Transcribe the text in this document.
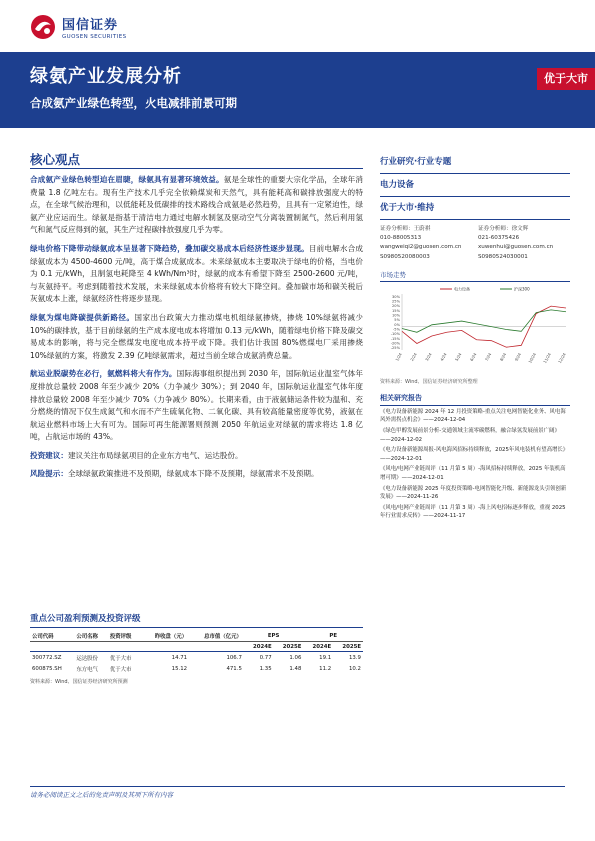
国信证券
GUOSEN SECURITIES
绿氨产业发展分析
合成氨产业绿色转型，火电减排前景可期
优于大市
核心观点

合成氨产业绿色转型迫在眉睫，绿氨具有显著环境效益。氨是全球性的重要大宗化学品，全球年消费量 1.8 亿吨左右。现有生产技术几乎完全依赖煤炭和天然气，具有能耗高和碳排放强度大的特点，在全球气候治理和，以低能耗及低碳排的技术路线合成氨是必然趋势，且具有一定紧迫性，绿氨产业应运而生。绿氨是指基于清洁电力通过电解水制氢及驱动空气分离装置制氮气，然后利用氢气和氮气反应得到的氨，其生产过程碳排放强度几乎为零。

绿电价格下降带动绿氨成本呈显著下降趋势，叠加碳交易成本后经济性逐步显现。目前电解水合成绿氨成本为 4500-4600 元/吨，高于煤合成氨成本。未来绿氨成本主要取决于绿电的价格，当电价为 0.1 元/kWh，且制氢电耗降至 4 kWh/Nm³时，绿氨的成本有希望下降至 2500-2600 元/吨，与灰氨持平。考虑到随着技术发展，未来绿氨成本价格将有较大下降空间。叠加碳市场和碳关税后灰氨成本上涨，绿氨经济性将逐步显现。

绿氨为煤电降碳提供新路径。国家出台政策大力推动煤电机组绿氨掺烧，掺烧 10%绿氨将减少 10%的碳排放，基于目前绿氨的生产成本度电成本将增加 0.13 元/kWh，随着绿电价格下降及碳交易成本的影响，将与完全燃煤发电度电成本持平或下降。我们估计我国 80%燃煤电厂采用掺烧 10%绿氨的方案，将激发 2.39 亿吨绿氨需求，超过当前全球合成氨消费总量。

航运业脱碳势在必行，氨燃料将大有作为。国际海事组织提出到 2030 年，国际航运业温室气体年度排放总量较 2008 年至少减少 20%（力争减少 30%）；到 2040 年，国际航运业温室气体年度排放总量较 2008 年至少减少 70%（力争减少 80%）。长期来看，由于液氨储运条件较为温和、充分燃烧的情况下仅生成氮气和水而不产生硫氧化物、二氧化碳、具有较高能量密度等优势，液氨在航运业燃料市场上大有可为。国际可再生能源署则预测 2050 年航运业对绿氨的需求将达 1.8 亿吨，占航运市场的 43%。

投资建议：建议关注布局绿氨项目的企业东方电气、运达股份。

风险提示：全球绿氨政策推进不及预期，绿氨成本下降不及预期，绿氨需求不及预期。

行业研究·行业专题
电力设备
优于大市·维持
证券分析师：王蔚祺
010-88005313
wangweiqi2@guosen.com.cn
S0980520080003
证券分析师：徐文辉
021-60375426
xuwenhui@guosen.com.cn
S0980524030001
市场走势
30%
25%
20%
15%
10%
5%
0%
-5%
-10%
-15%
-20%
-25%
1/24 2/24 3/24 4/24 5/24 6/24 7/24 8/24 9/24 10/24 11/24 12/24
电力设备	沪深300
资料来源：Wind、国信证券经济研究所整理
相关研究报告
《电力设备新能源 2024 年 12 月投资策略-重点关注电网智能化业务、风电海风外需拐点机会》——2024-12-04
《绿色甲醇发展前景分析-交通领域主流零碳燃料，融合绿氢发展前景广阔》——2024-12-02
《电力设备新能源周报-风电海风招标持续释放，2025年风电装机有望高增长》——2024-12-01
《风电/电网产业链周评（11 月第 5 周）-海风招标持续释放，2025 年装机高增可期》——2024-12-01
《电力设备新能源 2025 年度投资策略-电网智能化升级、新能源龙头引领创新发展》——2024-11-26
《风电/电网产业链周评（11 月第 3 周）-海上风电招标逐步释放，重视 2025 年行业需求反转》——2024-11-17
重点公司盈利预测及投资评级
公司代码	公司名称	投资评级	昨收盘（元）	总市值（亿元）	EPS		PE	
					2024E	2025E	2024E	2025E
300772.SZ	运达股份	优于大市	14.71	106.7	0.77	1.06	19.1	13.9
600875.SH	东方电气	优于大市	15.12	471.5	1.35	1.48	11.2	10.2
资料来源：Wind、国信证券经济研究所预测
请务必阅读正文之后的免责声明及其项下所有内容
